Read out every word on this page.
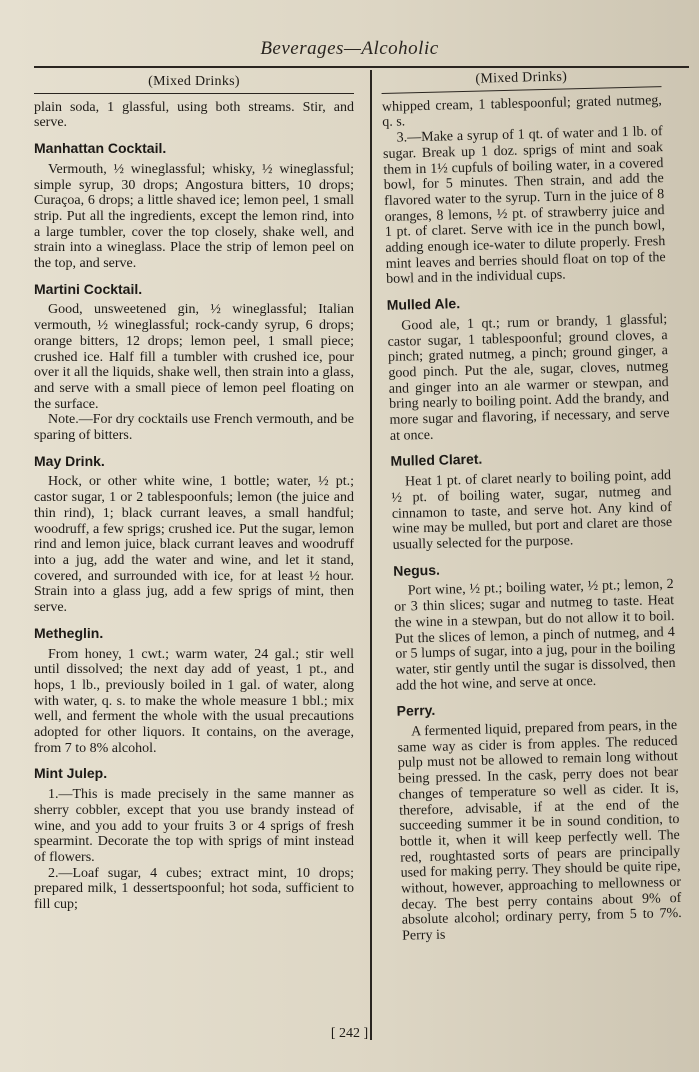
Beverages—Alcoholic
(Mixed Drinks)

plain soda, 1 glassful, using both streams. Stir, and serve.

Manhattan Cocktail.

Vermouth, ½ wineglassful; whisky, ½ wineglassful; simple syrup, 30 drops; Angostura bitters, 10 drops; Curaçoa, 6 drops; a little shaved ice; lemon peel, 1 small strip. Put all the ingredients, except the lemon rind, into a large tumbler, cover the top closely, shake well, and strain into a wineglass. Place the strip of lemon peel on the top, and serve.

Martini Cocktail.

Good, unsweetened gin, ½ wineglassful; Italian vermouth, ½ wineglassful; rock-candy syrup, 6 drops; orange bitters, 12 drops; lemon peel, 1 small piece; crushed ice. Half fill a tumbler with crushed ice, pour over it all the liquids, shake well, then strain into a glass, and serve with a small piece of lemon peel floating on the surface.

Note.—For dry cocktails use French vermouth, and be sparing of bitters.

May Drink.

Hock, or other white wine, 1 bottle; water, ½ pt.; castor sugar, 1 or 2 tablespoonfuls; lemon (the juice and thin rind), 1; black currant leaves, a small handful; woodruff, a few sprigs; crushed ice. Put the sugar, lemon rind and lemon juice, black currant leaves and woodruff into a jug, add the water and wine, and let it stand, covered, and surrounded with ice, for at least ½ hour. Strain into a glass jug, add a few sprigs of mint, then serve.

Metheglin.

From honey, 1 cwt.; warm water, 24 gal.; stir well until dissolved; the next day add of yeast, 1 pt., and hops, 1 lb., previously boiled in 1 gal. of water, along with water, q. s. to make the whole measure 1 bbl.; mix well, and ferment the whole with the usual precautions adopted for other liquors. It contains, on the average, from 7 to 8% alcohol.

Mint Julep.

1.—This is made precisely in the same manner as sherry cobbler, except that you use brandy instead of wine, and you add to your fruits 3 or 4 sprigs of fresh spearmint. Decorate the top with sprigs of mint instead of flowers.

2.—Loaf sugar, 4 cubes; extract mint, 10 drops; prepared milk, 1 dessertspoonful; hot soda, sufficient to fill cup;

(Mixed Drinks)

whipped cream, 1 tablespoonful; grated nutmeg, q. s.

3.—Make a syrup of 1 qt. of water and 1 lb. of sugar. Break up 1 doz. sprigs of mint and soak them in 1½ cupfuls of boiling water, in a covered bowl, for 5 minutes. Then strain, and add the flavored water to the syrup. Turn in the juice of 8 oranges, 8 lemons, ½ pt. of strawberry juice and 1 pt. of claret. Serve with ice in the punch bowl, adding enough ice-water to dilute properly. Fresh mint leaves and berries should float on top of the bowl and in the individual cups.

Mulled Ale.

Good ale, 1 qt.; rum or brandy, 1 glassful; castor sugar, 1 tablespoonful; ground cloves, a pinch; grated nutmeg, a pinch; ground ginger, a good pinch. Put the ale, sugar, cloves, nutmeg and ginger into an ale warmer or stewpan, and bring nearly to boiling point. Add the brandy, and more sugar and flavoring, if necessary, and serve at once.

Mulled Claret.

Heat 1 pt. of claret nearly to boiling point, add ½ pt. of boiling water, sugar, nutmeg and cinnamon to taste, and serve hot. Any kind of wine may be mulled, but port and claret are those usually selected for the purpose.

Negus.

Port wine, ½ pt.; boiling water, ½ pt.; lemon, 2 or 3 thin slices; sugar and nutmeg to taste. Heat the wine in a stewpan, but do not allow it to boil. Put the slices of lemon, a pinch of nutmeg, and 4 or 5 lumps of sugar, into a jug, pour in the boiling water, stir gently until the sugar is dissolved, then add the hot wine, and serve at once.

Perry.

A fermented liquid, prepared from pears, in the same way as cider is from apples. The reduced pulp must not be allowed to remain long without being pressed. In the cask, perry does not bear changes of temperature so well as cider. It is, therefore, advisable, if at the end of the succeeding summer it be in sound condition, to bottle it, when it will keep perfectly well. The red, roughtasted sorts of pears are principally used for making perry. They should be quite ripe, without, however, approaching to mellowness or decay. The best perry contains about 9% of absolute alcohol; ordinary perry, from 5 to 7%. Perry is

[ 242 ]
